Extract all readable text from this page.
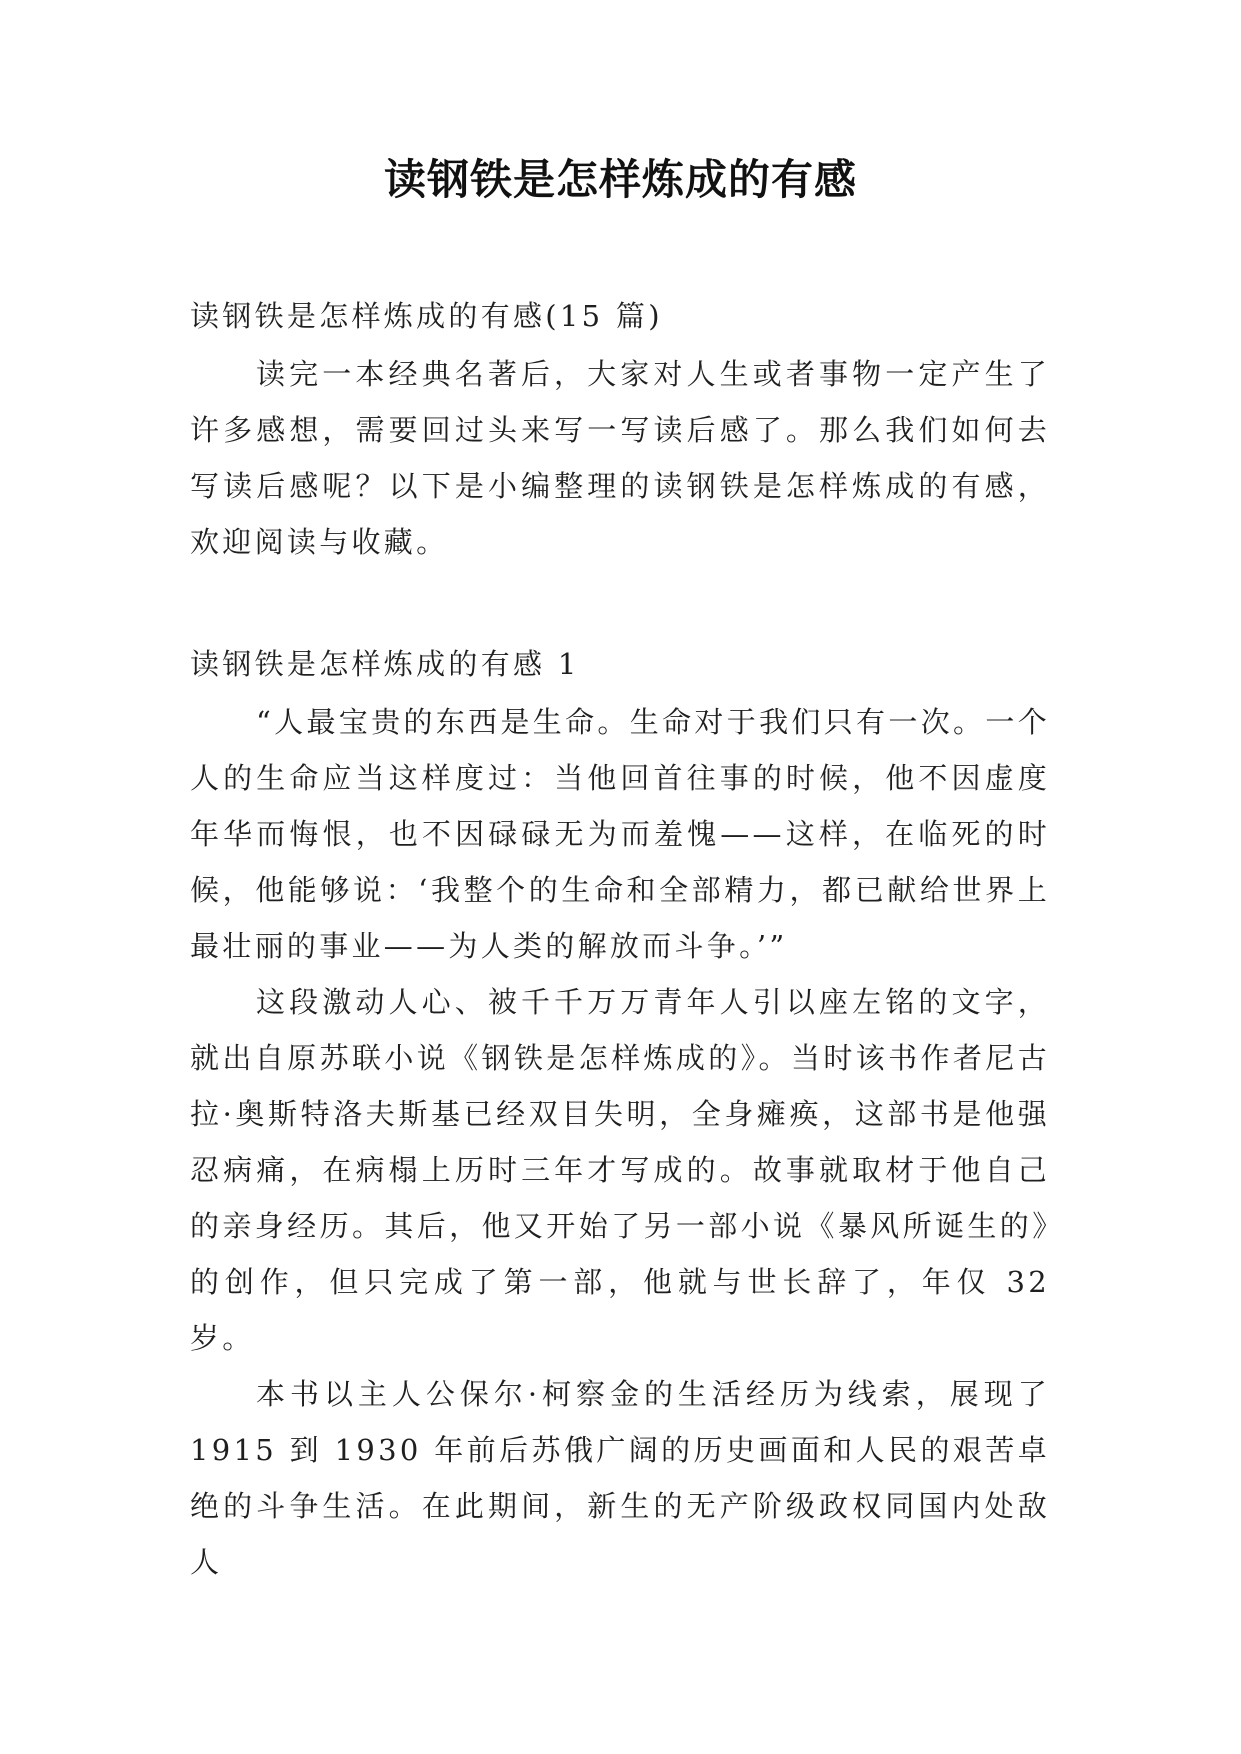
读钢铁是怎样炼成的有感
读钢铁是怎样炼成的有感(15 篇)

读完一本经典名著后，大家对人生或者事物一定产生了许多感想，需要回过头来写一写读后感了。那么我们如何去写读后感呢？以下是小编整理的读钢铁是怎样炼成的有感，欢迎阅读与收藏。

读钢铁是怎样炼成的有感 1

“人最宝贵的东西是生命。生命对于我们只有一次。一个人的生命应当这样度过：当他回首往事的时候，他不因虚度年华而悔恨，也不因碌碌无为而羞愧——这样，在临死的时候，他能够说：‘我整个的生命和全部精力，都已献给世界上最壮丽的事业——为人类的解放而斗争。’”

这段激动人心、被千千万万青年人引以座左铭的文字，就出自原苏联小说《钢铁是怎样炼成的》。当时该书作者尼古拉·奥斯特洛夫斯基已经双目失明，全身瘫痪，这部书是他强忍病痛，在病榻上历时三年才写成的。故事就取材于他自己的亲身经历。其后，他又开始了另一部小说《暴风所诞生的》的创作，但只完成了第一部，他就与世长辞了，年仅 32 岁。

本书以主人公保尔·柯察金的生活经历为线索，展现了 1915 到 1930 年前后苏俄广阔的历史画面和人民的艰苦卓绝的斗争生活。在此期间，新生的无产阶级政权同国内处敌人
